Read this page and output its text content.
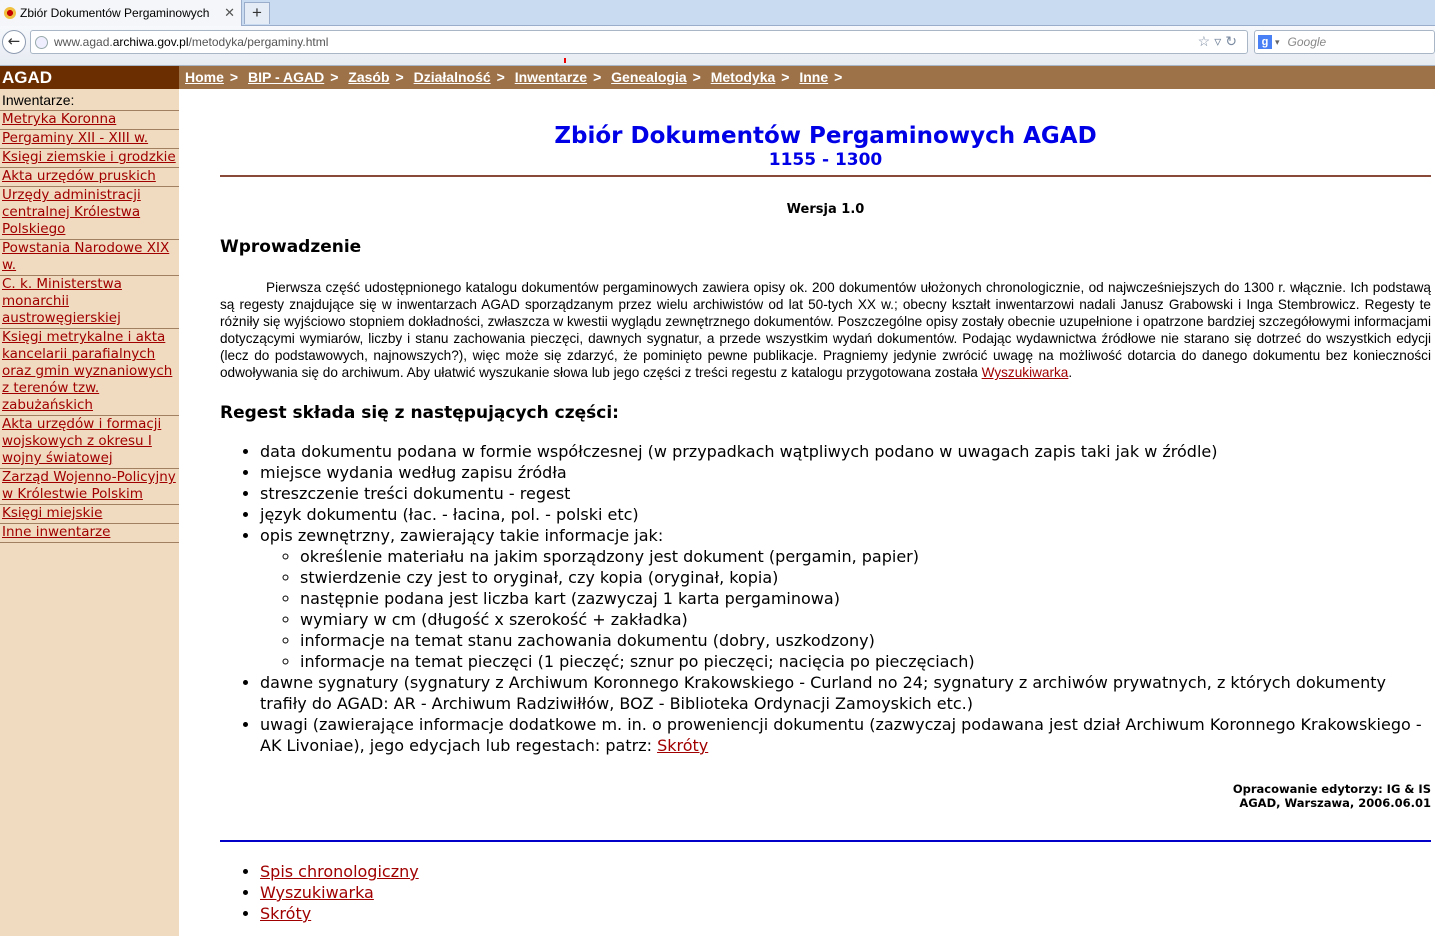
Zbiór Dokumentów Pergaminowych ✕	+
←	www.agad. archiwa.gov.pl /metodyka/pergaminy.html	☆▿↻	g ▾ Google
AGAD
Inwentarze:
Metryka Koronna
Pergaminy XII - XIII w.
Księgi ziemskie i grodzkie
Akta urzędów pruskich
Urzędy administracji centralnej Królestwa Polskiego
Powstania Narodowe XIX w.
C. k. Ministerstwa monarchii austrowęgierskiej
Księgi metrykalne i akta kancelarii parafialnych oraz gmin wyznaniowych z terenów tzw. zabużańskich
Akta urzędów i formacji wojskowych z okresu I wojny światowej
Zarząd Wojenno-Policyjny w Królestwie Polskim
Księgi miejskie
Inne inwentarze
Home > BIP - AGAD > Zasób > Działalność > Inwentarze > Genealogia > Metodyka > Inne >
Zbiór Dokumentów Pergaminowych AGAD
1155 - 1300
Wersja 1.0
Wprowadzenie

Pierwsza część udostępnionego katalogu dokumentów pergaminowych zawiera opisy ok. 200 dokumentów ułożonych chronologicznie, od najwcześniejszych do 1300 r. włącznie. Ich podstawą są regesty znajdujące się w inwentarzach AGAD sporządzanym przez wielu archiwistów od lat 50-tych XX w.; obecny kształt inwentarzowi nadali Janusz Grabowski i Inga Stembrowicz. Regesty te różniły się wyjściowo stopniem dokładności, zwłaszcza w kwestii wyglądu zewnętrznego dokumentów. Poszczególne opisy zostały obecnie uzupełnione i opatrzone bardziej szczegółowymi informacjami dotyczącymi wymiarów, liczby i stanu zachowania pieczęci, dawnych sygnatur, a przede wszystkim wydań dokumentów. Podając wydawnictwa źródłowe nie starano się dotrzeć do wszystkich edycji (lecz do podstawowych, najnowszych?), więc może się zdarzyć, że pominięto pewne publikacje. Pragniemy jedynie zwrócić uwagę na możliwość dotarcia do danego dokumentu bez konieczności odwoływania się do archiwum. Aby ułatwić wyszukanie słowa lub jego części z treści regestu z katalogu przygotowana została Wyszukiwarka.

Regest składa się z następujących części:
• data dokumentu podana w formie współczesnej (w przypadkach wątpliwych podano w uwagach zapis taki jak w źródle)
• miejsce wydania według zapisu źródła
• streszczenie treści dokumentu - regest
• język dokumentu (łac. - łacina, pol. - polski etc)
• opis zewnętrzny, zawierający takie informacje jak:
◦ określenie materiału na jakim sporządzony jest dokument (pergamin, papier)
◦ stwierdzenie czy jest to oryginał, czy kopia (oryginał, kopia)
◦ następnie podana jest liczba kart (zazwyczaj 1 karta pergaminowa)
◦ wymiary w cm (długość x szerokość + zakładka)
◦ informacje na temat stanu zachowania dokumentu (dobry, uszkodzony)
◦ informacje na temat pieczęci (1 pieczęć; sznur po pieczęci; nacięcia po pieczęciach)
• dawne sygnatury (sygnatury z Archiwum Koronnego Krakowskiego - Curland no 24; sygnatury z archiwów prywatnych, z których dokumenty trafiły do AGAD: AR - Archiwum Radziwiłłów, BOZ - Biblioteka Ordynacji Zamoyskich etc.)
• uwagi (zawierające informacje dodatkowe m. in. o proweniencji dokumentu (zazwyczaj podawana jest dział Archiwum Koronnego Krakowskiego - AK Livoniae), jego edycjach lub regestach: patrz: Skróty
Opracowanie edytorzy: IG & IS
AGAD, Warszawa, 2006.06.01
• Spis chronologiczny
• Wyszukiwarka
• Skróty
